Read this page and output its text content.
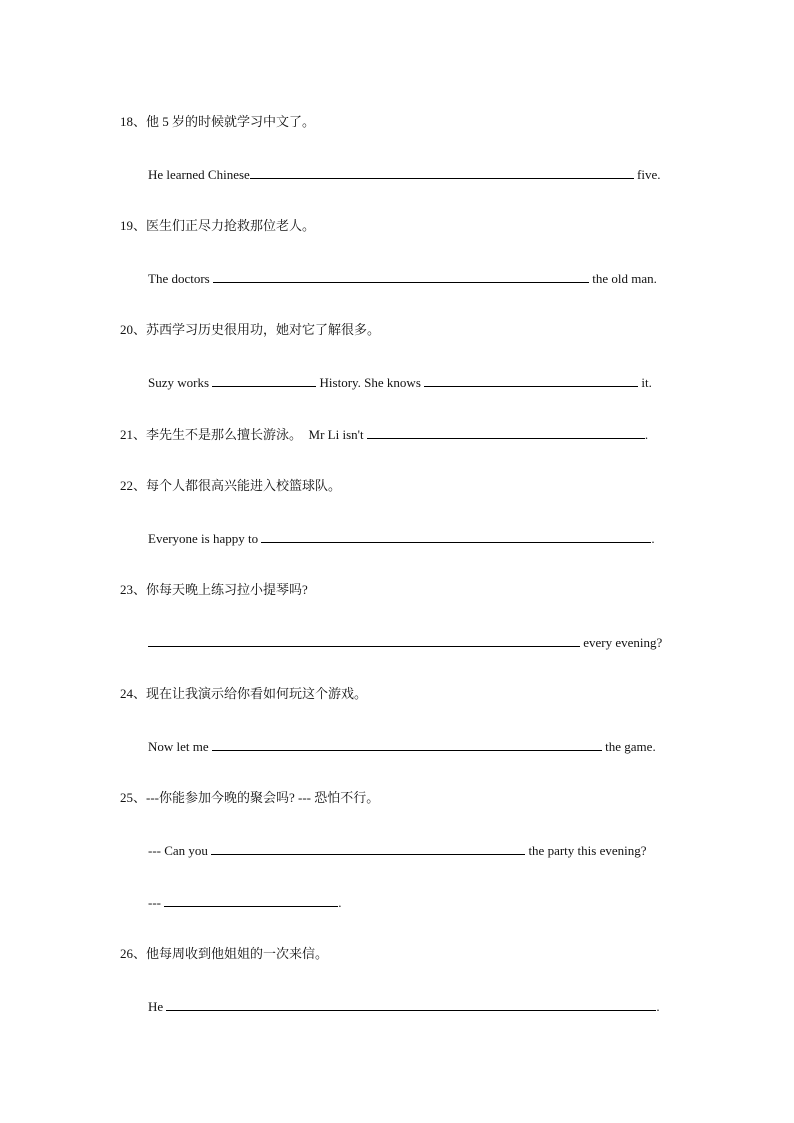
18、他 5 岁的时候就学习中文了。
He learned Chinese	five.
19、医生们正尽力抢救那位老人。
The doctors	the old man.
20、苏西学习历史很用功，她对它了解很多。
Suzy works	History. She knows	it.
21、李先生不是那么擅长游泳。 Mr Li isn't	.
22、每个人都很高兴能进入校篮球队。
Everyone is happy to	.
23、你每天晚上练习拉小提琴吗?
every evening?
24、现在让我演示给你看如何玩这个游戏。
Now let me	the game.
25、---你能参加今晚的聚会吗? --- 恐怕不行。
--- Can you	the party this evening?
---	.
26、他每周收到他姐姐的一次来信。
He	.
